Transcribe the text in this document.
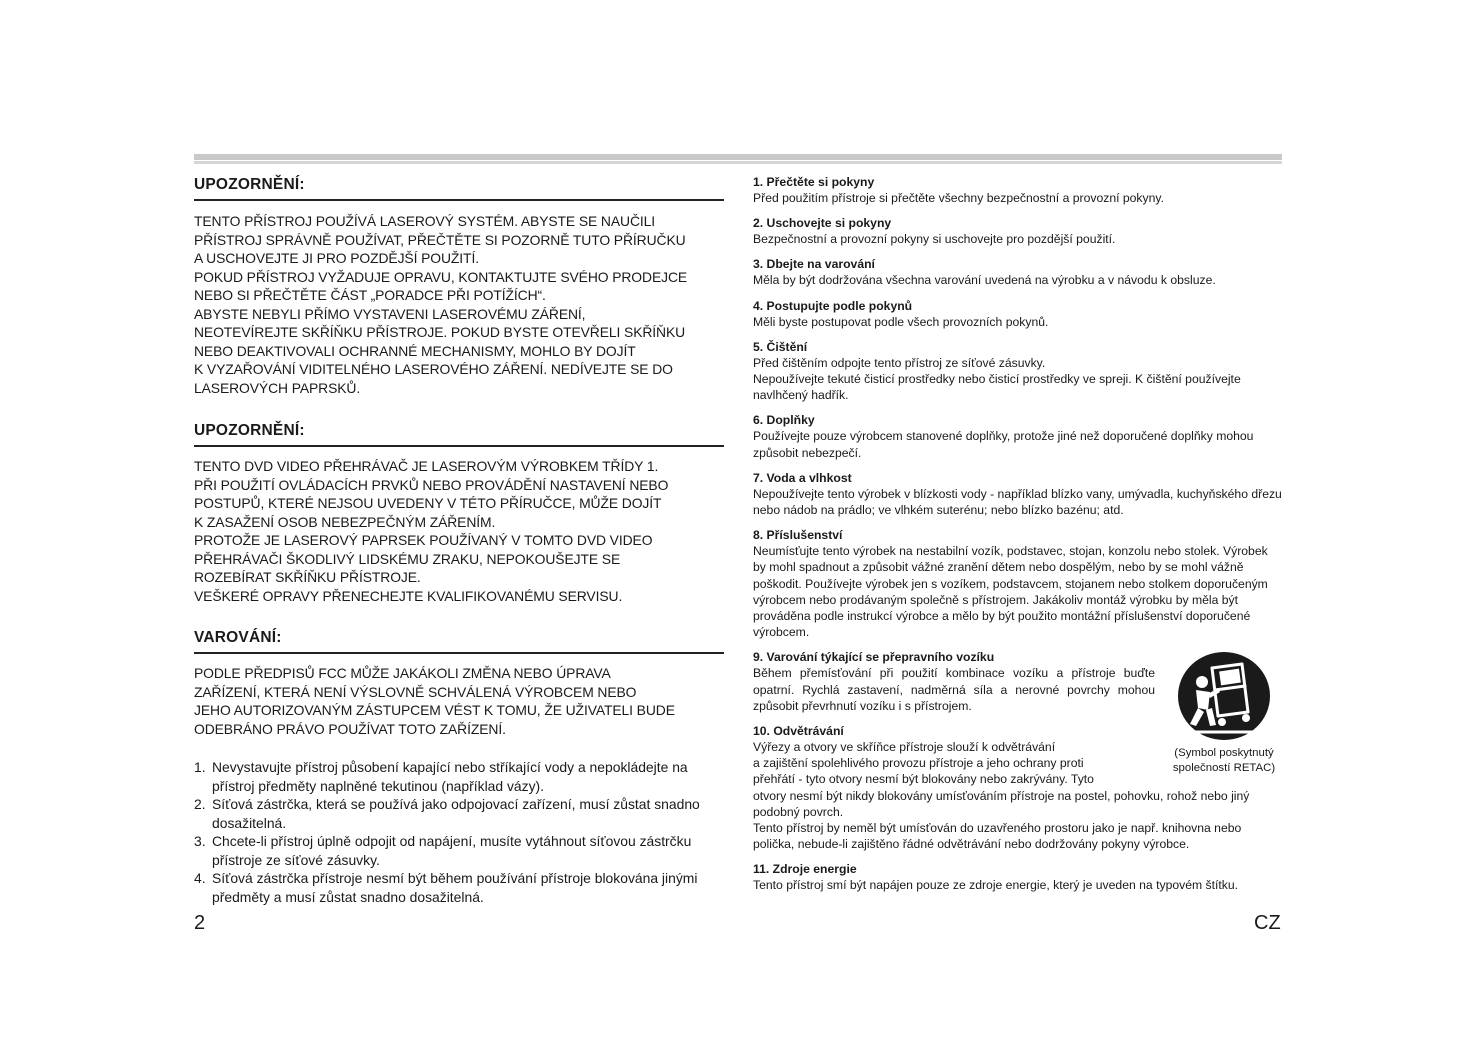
UPOZORNĚNÍ:

TENTO PŘÍSTROJ POUŽÍVÁ LASEROVÝ SYSTÉM. ABYSTE SE NAUČILI
PŘÍSTROJ SPRÁVNĚ POUŽÍVAT, PŘEČTĚTE SI POZORNĚ TUTO PŘÍRUČKU
A USCHOVEJTE JI PRO POZDĚJŠÍ POUŽITÍ.
POKUD PŘÍSTROJ VYŽADUJE OPRAVU, KONTAKTUJTE SVÉHO PRODEJCE
NEBO SI PŘEČTĚTE ČÁST „PORADCE PŘI POTÍŽÍCH“.
ABYSTE NEBYLI PŘÍMO VYSTAVENI LASEROVÉMU ZÁŘENÍ,
NEOTEVÍREJTE SKŘÍŇKU PŘÍSTROJE. POKUD BYSTE OTEVŘELI SKŘÍŇKU
NEBO DEAKTIVOVALI OCHRANNÉ MECHANISMY, MOHLO BY DOJÍT
K VYZAŘOVÁNÍ VIDITELNÉHO LASEROVÉHO ZÁŘENÍ. NEDÍVEJTE SE DO
LASEROVÝCH PAPRSKŮ.

UPOZORNĚNÍ:

TENTO DVD VIDEO PŘEHRÁVAČ JE LASEROVÝM VÝROBKEM TŘÍDY 1.
PŘI POUŽITÍ OVLÁDACÍCH PRVKŮ NEBO PROVÁDĚNÍ NASTAVENÍ NEBO
POSTUPŮ, KTERÉ NEJSOU UVEDENY V TÉTO PŘÍRUČCE, MŮŽE DOJÍT
K ZASAŽENÍ OSOB NEBEZPEČNÝM ZÁŘENÍM.
PROTOŽE JE LASEROVÝ PAPRSEK POUŽÍVANÝ V TOMTO DVD VIDEO
PŘEHRÁVAČI ŠKODLIVÝ LIDSKÉMU ZRAKU, NEPOKOUŠEJTE SE
ROZEBÍRAT SKŘÍŇKU PŘÍSTROJE.
VEŠKERÉ OPRAVY PŘENECHEJTE KVALIFIKOVANÉMU SERVISU.

VAROVÁNÍ:

PODLE PŘEDPISŮ FCC MŮŽE JAKÁKOLI ZMĚNA NEBO ÚPRAVA
ZAŘÍZENÍ, KTERÁ NENÍ VÝSLOVNĚ SCHVÁLENÁ VÝROBCEM NEBO
JEHO AUTORIZOVANÝM ZÁSTUPCEM VÉST K TOMU, ŽE UŽIVATELI BUDE
ODEBRÁNO PRÁVO POUŽÍVAT TOTO ZAŘÍZENÍ.

1. Nevystavujte přístroj působení kapající nebo stříkající vody a nepokládejte na přístroj předměty naplněné tekutinou (například vázy).
2. Síťová zástrčka, která se používá jako odpojovací zařízení, musí zůstat snadno dosažitelná.
3. Chcete-li přístroj úplně odpojit od napájení, musíte vytáhnout síťovou zástrčku přístroje ze síťové zásuvky.
4. Síťová zástrčka přístroje nesmí být během používání přístroje blokována jinými předměty a musí zůstat snadno dosažitelná.

1. Přečtěte si pokyny

Před použitím přístroje si přečtěte všechny bezpečnostní a provozní pokyny.

2. Uschovejte si pokyny

Bezpečnostní a provozní pokyny si uschovejte pro pozdější použití.

3. Dbejte na varování

Měla by být dodržována všechna varování uvedená na výrobku a v návodu k obsluze.

4. Postupujte podle pokynů

Měli byste postupovat podle všech provozních pokynů.

5. Čištění

Před čištěním odpojte tento přístroj ze síťové zásuvky.
Nepoužívejte tekuté čisticí prostředky nebo čisticí prostředky ve spreji. K čištění používejte navlhčený hadřík.

6. Doplňky

Používejte pouze výrobcem stanovené doplňky, protože jiné než doporučené doplňky mohou způsobit nebezpečí.

7. Voda a vlhkost

Nepoužívejte tento výrobek v blízkosti vody - například blízko vany, umývadla, kuchyňského dřezu nebo nádob na prádlo; ve vlhkém suterénu; nebo blízko bazénu; atd.

8. Příslušenství

Neumísťujte tento výrobek na nestabilní vozík, podstavec, stojan, konzolu nebo stolek. Výrobek by mohl spadnout a způsobit vážné zranění dětem nebo dospělým, nebo by se mohl vážně poškodit. Používejte výrobek jen s vozíkem, podstavcem, stojanem nebo stolkem doporučeným výrobcem nebo prodávaným společně s přístrojem. Jakákoliv montáž výrobku by měla být prováděna podle instrukcí výrobce a mělo by být použito montážní příslušenství doporučené výrobcem.

9. Varování týkající se přepravního vozíku

Během přemísťování při použití kombinace vozíku a přístroje buďte opatrní. Rychlá zastavení, nadměrná síla a nerovné povrchy mohou způsobit převrhnutí vozíku i s přístrojem.

10. Odvětrávání

Výřezy a otvory ve skříňce přístroje slouží k odvětrávání
a zajištění spolehlivého provozu přístroje a jeho ochrany proti
přehřátí - tyto otvory nesmí být blokovány nebo zakrývány. Tyto

otvory nesmí být nikdy blokovány umísťováním přístroje na postel, pohovku, rohož nebo jiný podobný povrch.
Tento přístroj by neměl být umísťován do uzavřeného prostoru jako je např. knihovna nebo polička, nebude-li zajištěno řádné odvětrávání nebo dodržovány pokyny výrobce.

11. Zdroje energie

Tento přístroj smí být napájen pouze ze zdroje energie, který je uveden na typovém štítku.

(Symbol poskytnutý
společností RETAC)
2	CZ
